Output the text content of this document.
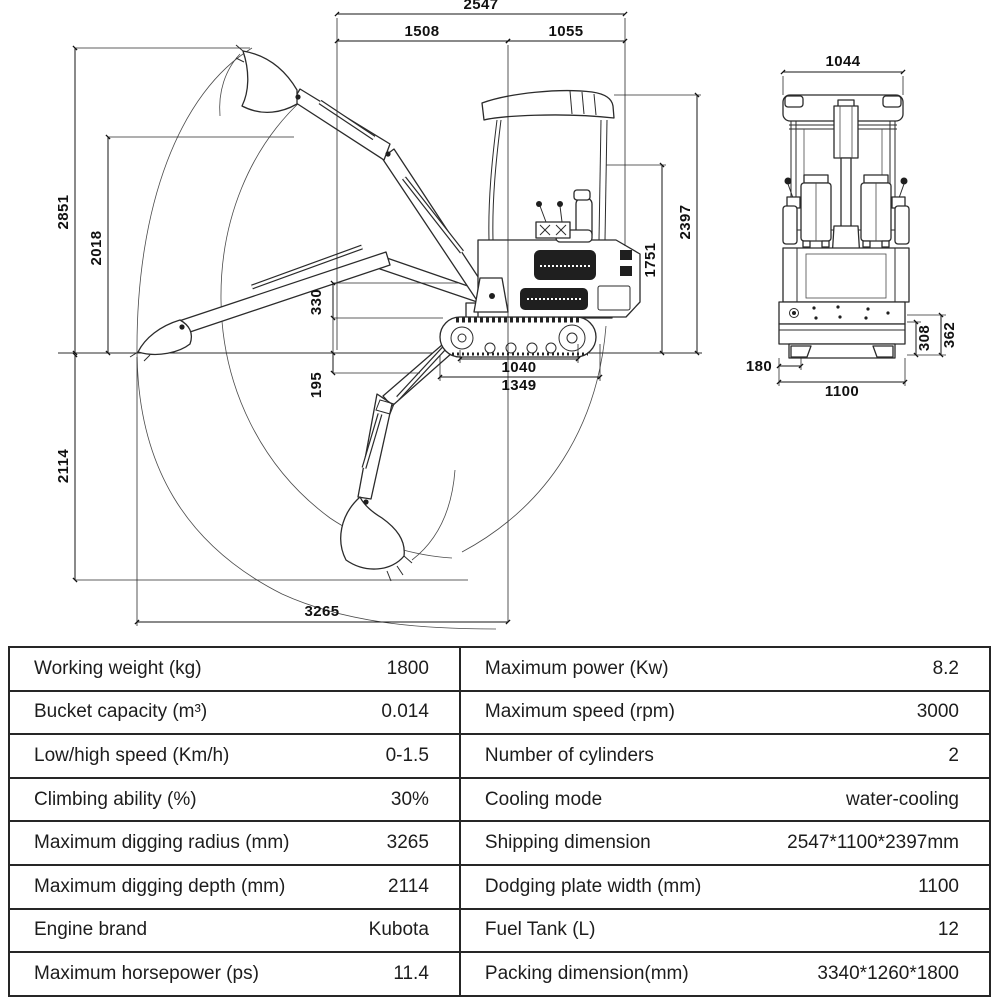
2547
1508	1055
2851
2018	1751
2397
330
195
1040
1349
2114
3265
1044
308 362
180
1100
Working weight (kg)	1800	Maximum power (Kw)	8.2
Bucket capacity (m³)	0.014	Maximum speed (rpm)	3000
Low/high speed (Km/h)	0-1.5	Number of cylinders	2
Climbing ability (%)	30%	Cooling mode	water-cooling
Maximum digging radius (mm)	3265	Shipping dimension	2547*1100*2397mm
Maximum digging depth (mm)	2114	Dodging plate width (mm)	1100
Engine brand	Kubota	Fuel Tank (L)	12
Maximum horsepower (ps)	11.4	Packing dimension(mm)	3340*1260*1800
